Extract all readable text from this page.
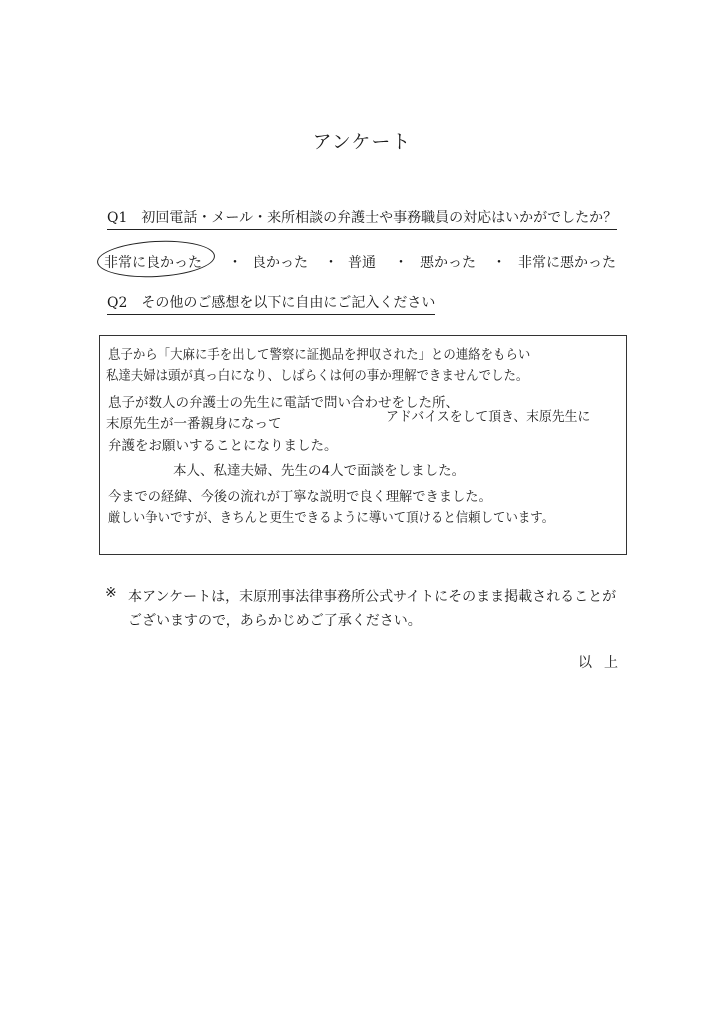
アンケート
Q1 初回電話・メール・来所相談の弁護士や事務職員の対応はいかがでしたか？
非常に良かった ・ 良かった ・ 普通 ・ 悪かった ・ 非常に悪かった
Q2 その他のご感想を以下に自由にご記入ください
息子から「大麻に手を出して警察に証拠品を押収された」との連絡をもらい
私達夫婦は頭が真っ白になり、しばらくは何の事か理解できませんでした。
息子が数人の弁護士の先生に電話で問い合わせをした所、
末原先生が一番親身になって	アドバイスをして頂き、末原先生に
弁護をお願いすることになりました。
本人、私達夫婦、先生の4人で面談をしました。
今までの経緯、今後の流れが丁寧な説明で良く理解できました。
厳しい争いですが、きちんと更生できるように導いて頂けると信頼しています。
※ 本アンケートは，末原刑事法律事務所公式サイトにそのまま掲載されることがございますので，あらかじめご了承ください。
以上
